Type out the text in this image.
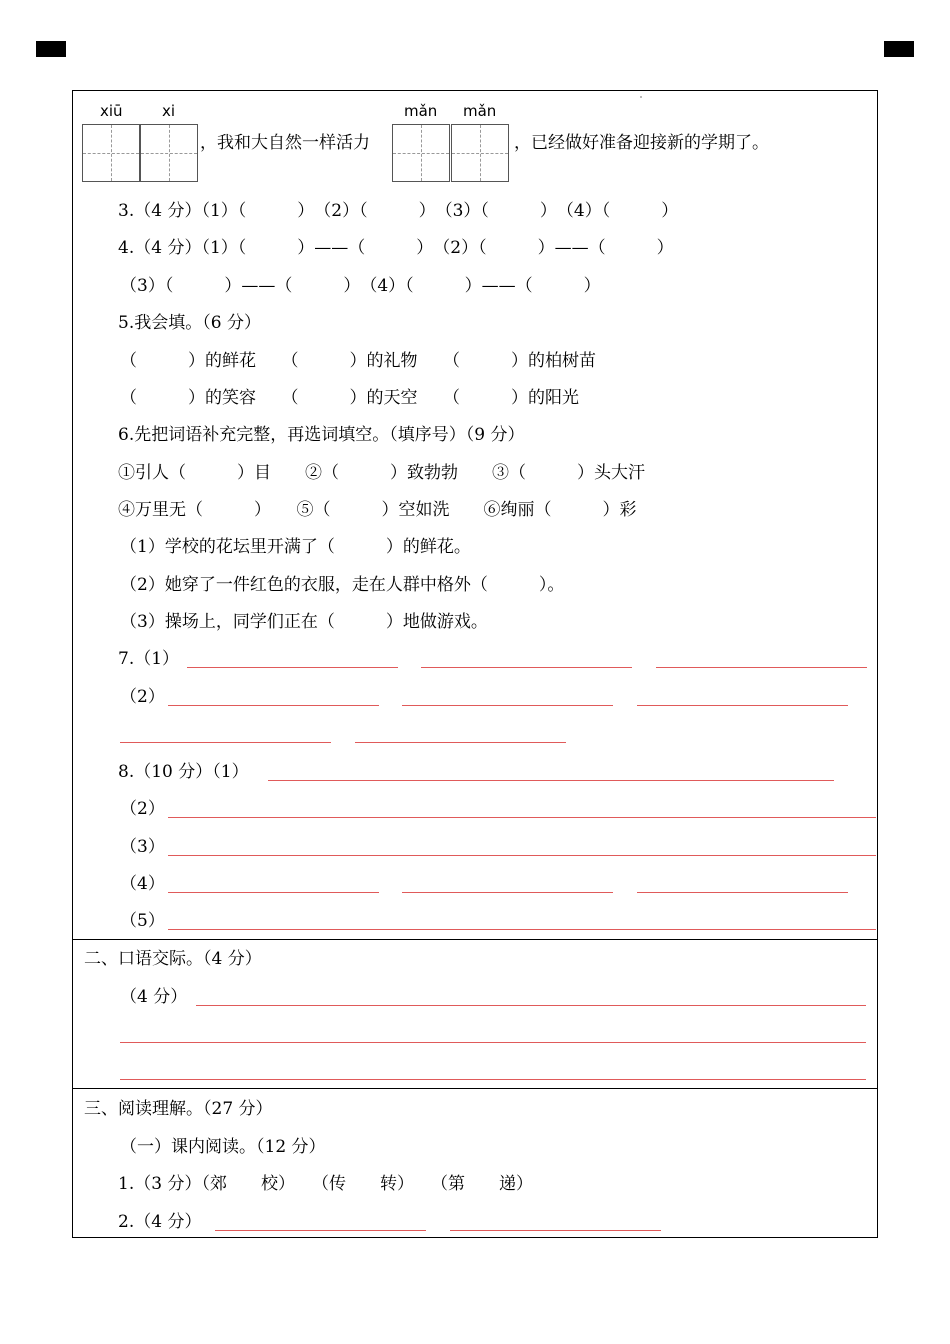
xiū	xi	mǎn mǎn
，我和大自然一样活力	，已经做好准备迎接新的学期了。
3.（4 分）（1）（　　　）　（2）（　　　）　（3）（　　　）　（4）（　　　）
4.（4 分）（1）（　　　）——（　　　）　（2）（　　　）——（　　　）
（3）（　　　）——（　　　）　（4）（　　　）——（　　　）
5.我会填。（6 分）
（　　　）的鲜花　　（　　　）的礼物　　（　　　）的柏树苗
（　　　）的笑容　　（　　　）的天空　　（　　　）的阳光
6.先把词语补充完整，再选词填空。（填序号）（9 分）
①引人（　　　）目　　②（　　　）致勃勃　　③（　　　）头大汗
④万里无（　　　）　　⑤（　　　）空如洗　　⑥绚丽（　　　）彩
（1）学校的花坛里开满了（　　　）的鲜花。
（2）她穿了一件红色的衣服，走在人群中格外（　　　）。
（3）操场上，同学们正在（　　　）地做游戏。
7.（1）
（2）
8.（10 分）（1）
（2）
（3）
（4）
（5）
二、口语交际。（4 分）
（4 分）
三、阅读理解。（27 分）
（一）课内阅读。（12 分）
1.（3 分）（郊　　校）　　（传　　转）　　（第　　递）
2.（4 分）
